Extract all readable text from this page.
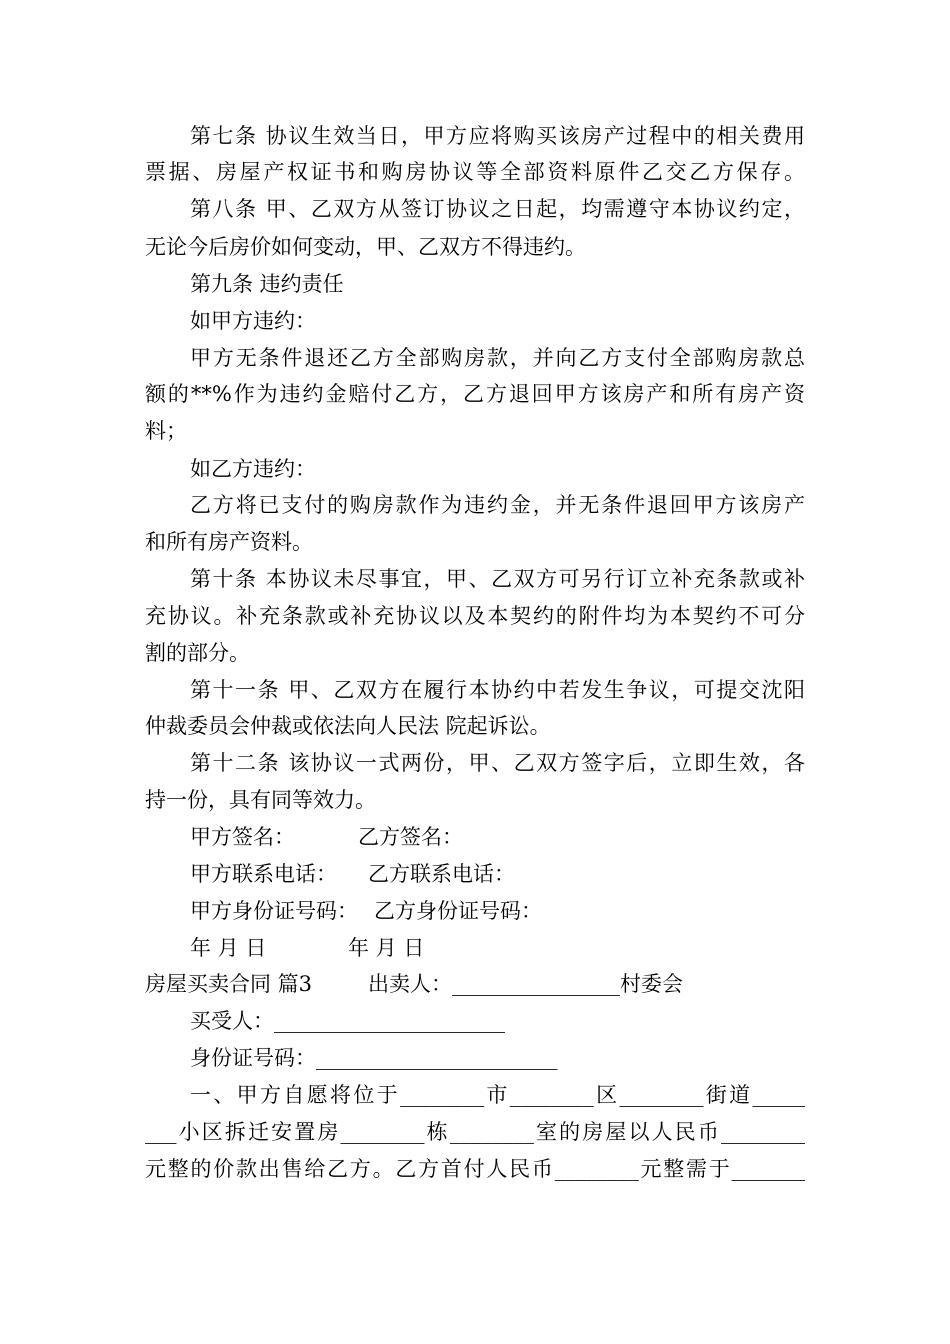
第七条 协议生效当日，甲方应将购买该房产过程中的相关费用
票据、房屋产权证书和购房协议等全部资料原件乙交乙方保存。
第八条 甲、乙双方从签订协议之日起，均需遵守本协议约定，
无论今后房价如何变动，甲、乙双方不得违约。
第九条 违约责任
如甲方违约：
甲方无条件退还乙方全部购房款，并向乙方支付全部购房款总
额的**%作为违约金赔付乙方，乙方退回甲方该房产和所有房产资
料；
如乙方违约：
乙方将已支付的购房款作为违约金，并无条件退回甲方该房产
和所有房产资料。
第十条 本协议未尽事宜，甲、乙双方可另行订立补充条款或补
充协议。补充条款或补充协议以及本契约的附件均为本契约不可分
割的部分。
第十一条 甲、乙双方在履行本协约中若发生争议，可提交沈阳
仲裁委员会仲裁或依法向人民法 院起诉讼。
第十二条 该协议一式两份，甲、乙双方签字后，立即生效，各
持一份，具有同等效力。
甲方签名：	乙方签名：
甲方联系电话： 乙方联系电话：
甲方身份证号码： 乙方身份证号码：
年 月 日	年 月 日
房屋买卖合同 篇3	出卖人：________________村委会
买受人：______________________
身份证号码：_______________________
一、甲方自愿将位于________市________区________街道_____
___小区拆迁安置房________栋________室的房屋以人民币________
元整的价款出售给乙方。乙方首付人民币________元整需于_______
